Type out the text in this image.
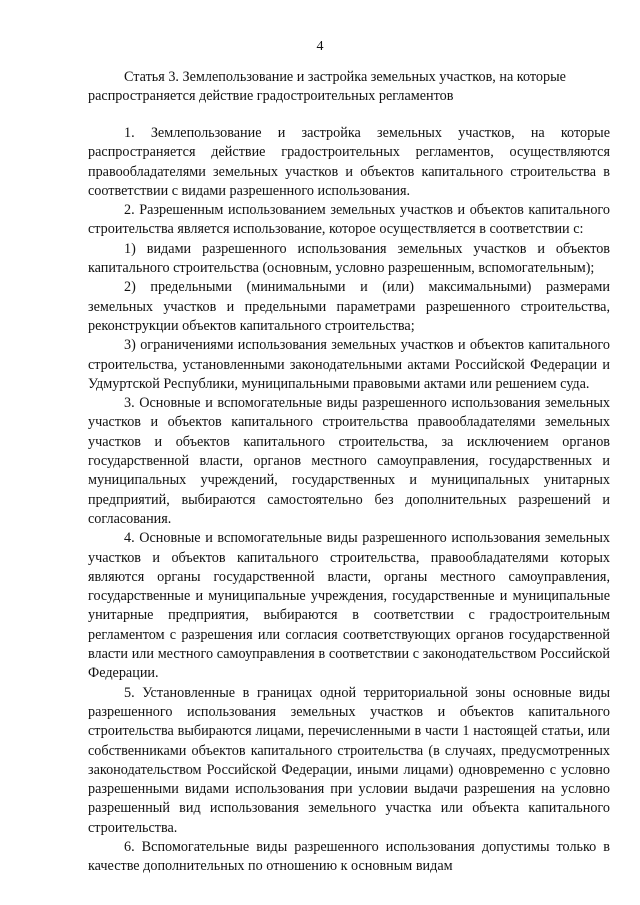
4
Статья 3. Землепользование и застройка земельных участков, на которые распространяется действие градостроительных регламентов

1. Землепользование и застройка земельных участков, на которые распространяется действие градостроительных регламентов, осуществляются правообладателями земельных участков и объектов капитального строительства в соответствии с видами разрешенного использования.

2. Разрешенным использованием земельных участков и объектов капитального строительства является использование, которое осуществляется в соответствии с:

1) видами разрешенного использования земельных участков и объектов капитального строительства (основным, условно разрешенным, вспомогательным);

2) предельными (минимальными и (или) максимальными) размерами земельных участков и предельными параметрами разрешенного строительства, реконструкции объектов капитального строительства;

3) ограничениями использования земельных участков и объектов капитального строительства, установленными законодательными актами Российской Федерации и Удмуртской Республики, муниципальными правовыми актами или решением суда.

3. Основные и вспомогательные виды разрешенного использования земельных участков и объектов капитального строительства правообладателями земельных участков и объектов капитального строительства, за исключением органов государственной власти, органов местного самоуправления, государственных и муниципальных учреждений, государственных и муниципальных унитарных предприятий, выбираются самостоятельно без дополнительных разрешений и согласования.

4. Основные и вспомогательные виды разрешенного использования земельных участков и объектов капитального строительства, правообладателями которых являются органы государственной власти, органы местного самоуправления, государственные и муниципальные учреждения, государственные и муниципальные унитарные предприятия, выбираются в соответствии с градостроительным регламентом с разрешения или согласия соответствующих органов государственной власти или местного самоуправления в соответствии с законодательством Российской Федерации.

5. Установленные в границах одной территориальной зоны основные виды разрешенного использования земельных участков и объектов капитального строительства выбираются лицами, перечисленными в части 1 настоящей статьи, или собственниками объектов капитального строительства (в случаях, предусмотренных законодательством Российской Федерации, иными лицами) одновременно с условно разрешенными видами использования при условии выдачи разрешения на условно разрешенный вид использования земельного участка или объекта капитального строительства.

6. Вспомогательные виды разрешенного использования допустимы только в качестве дополнительных по отношению к основным видам
